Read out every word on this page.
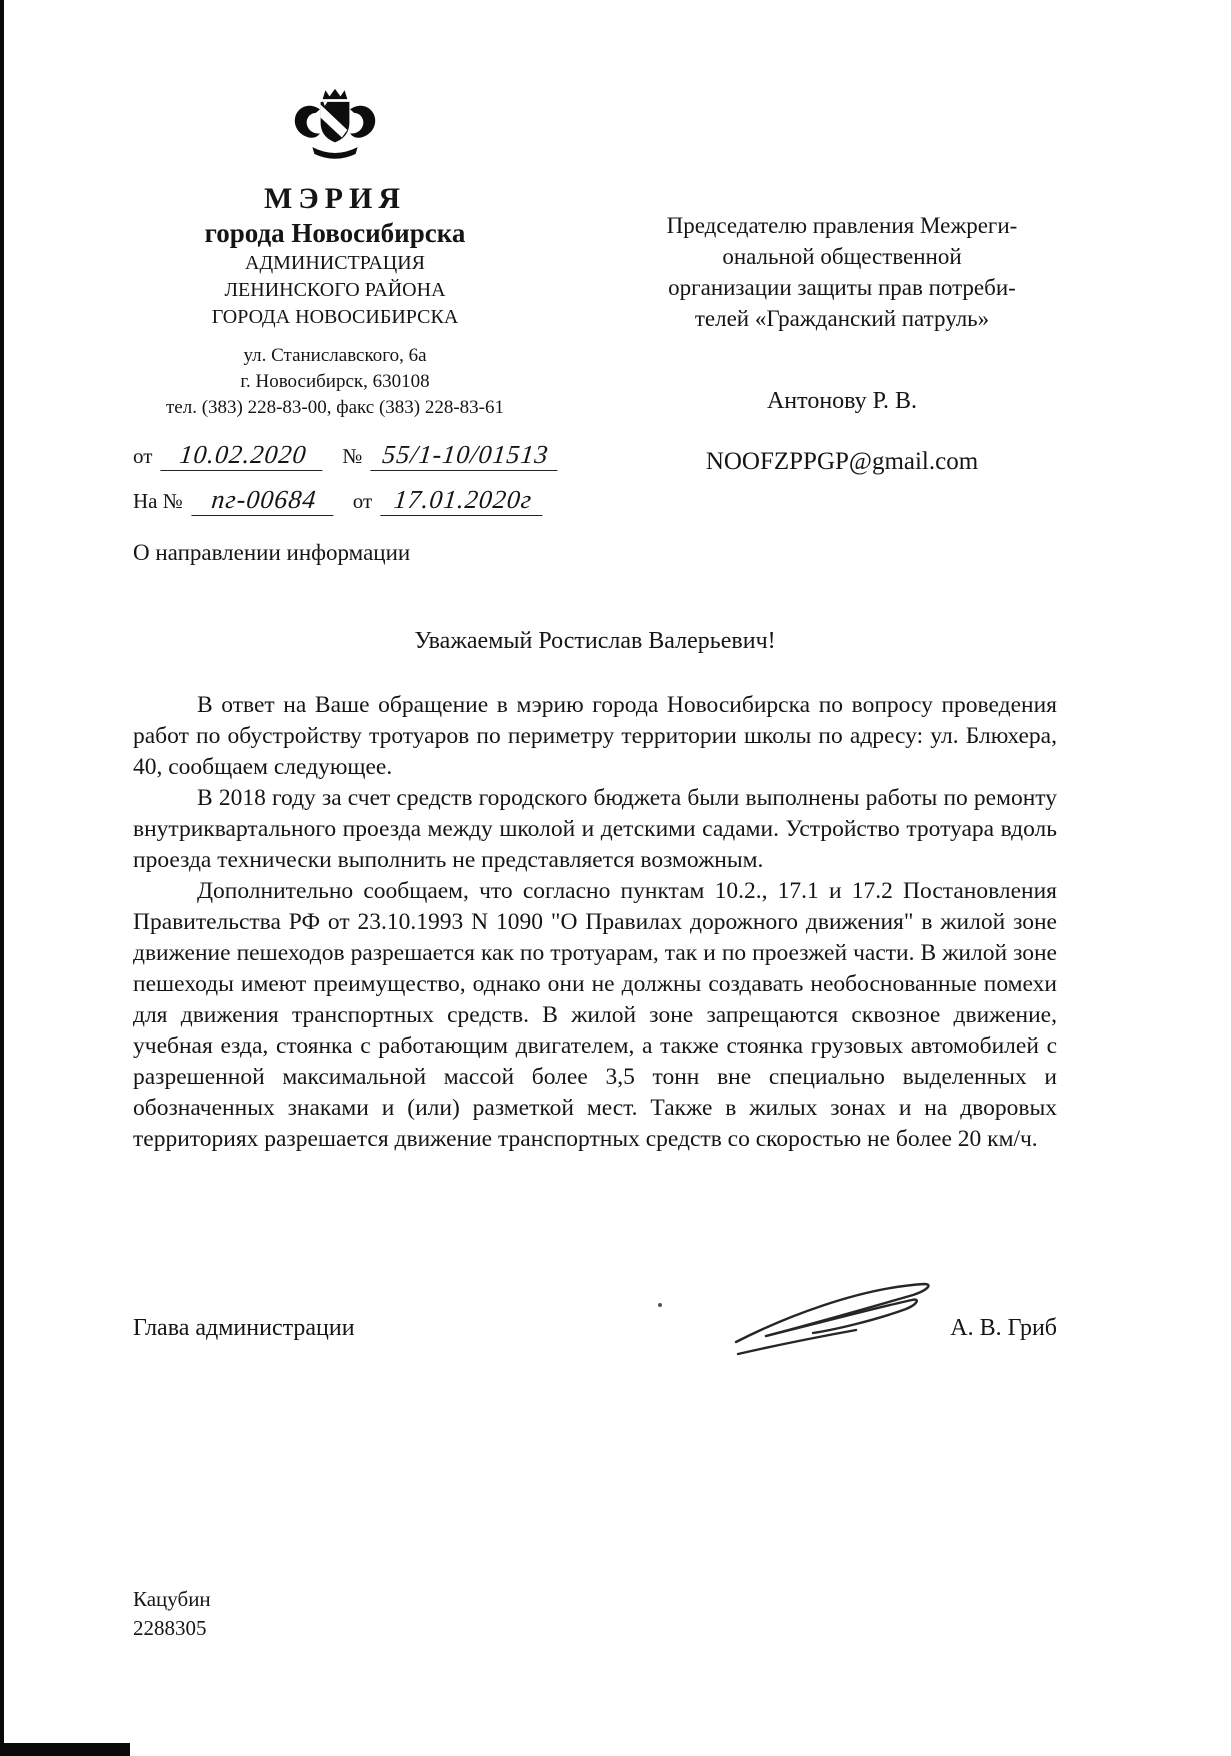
МЭРИЯ
города Новосибирска
АДМИНИСТРАЦИЯ
ЛЕНИНСКОГО РАЙОНА
ГОРОДА НОВОСИБИРСКА
ул. Станиславского, 6а
г. Новосибирск, 630108
тел. (383) 228-83-00, факс (383) 228-83-61
от	10.02.2020	№ 55/1-10/01513
На №	пг-00684	от 17.01.2020г
Председателю правления Межреги-
ональной общественной
организации защиты прав потреби-
телей «Гражданский патруль»
Антонову Р. В.
NOOFZPPGP@gmail.com
О направлении информации
Уважаемый Ростислав Валерьевич!

В ответ на Ваше обращение в мэрию города Новосибирска по вопросу проведения работ по обустройству тротуаров по периметру территории школы по адресу: ул. Блюхера, 40, сообщаем следующее.

В 2018 году за счет средств городского бюджета были выполнены работы по ремонту внутриквартального проезда между школой и детскими садами. Устройство тротуара вдоль проезда технически выполнить не представляется возможным.

Дополнительно сообщаем, что согласно пунктам 10.2., 17.1 и 17.2 Постановления Правительства РФ от 23.10.1993 N 1090 "О Правилах дорожного движения" в жилой зоне движение пешеходов разрешается как по тротуарам, так и по проезжей части. В жилой зоне пешеходы имеют преимущество, однако они не должны создавать необоснованные помехи для движения транспортных средств. В жилой зоне запрещаются сквозное движение, учебная езда, стоянка с работающим двигателем, а также стоянка грузовых автомобилей с разрешенной максимальной массой более 3,5 тонн вне специально выделенных и обозначенных знаками и (или) разметкой мест. Также в жилых зонах и на дворовых территориях разрешается движение транспортных средств со скоростью не более 20 км/ч.

Глава администрации	А. В. Гриб
Кацубин
2288305
